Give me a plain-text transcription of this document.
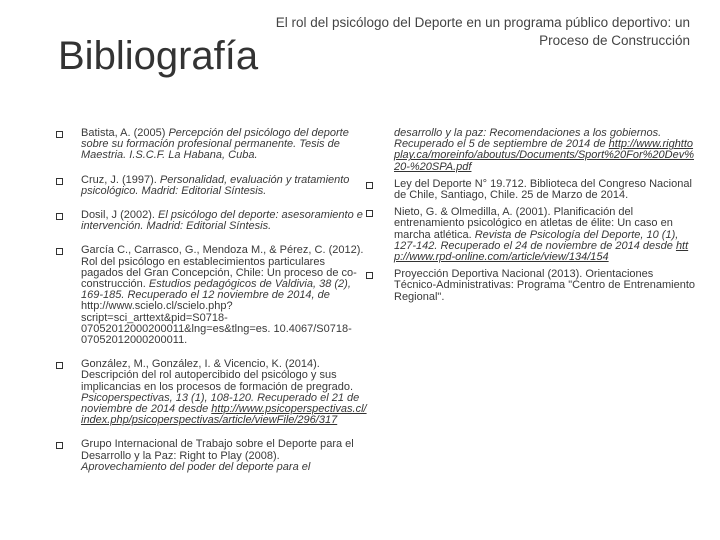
El rol del psicólogo del Deporte en un programa público deportivo: un Proceso de Construcción
Bibliografía
Batista, A. (2005) Percepción del psicólogo del deporte sobre su formación profesional permanente. Tesis de Maestria. I.S.C.F. La Habana, Cuba.
Cruz, J. (1997). Personalidad, evaluación y tratamiento psicológico. Madrid: Editorial Síntesis.
Dosil, J (2002). El psicólogo del deporte: asesoramiento e intervención. Madrid: Editorial Síntesis.
García C., Carrasco, G., Mendoza M., & Pérez, C. (2012). Rol del psicólogo en establecimientos particulares pagados del Gran Concepción, Chile: Un proceso de co-construcción. Estudios pedagógicos de Valdivia, 38 (2), 169-185. Recuperado el 12 noviembre de 2014, de http://www.scielo.cl/scielo.php?script=sci_arttext&pid=S0718-07052012000200011&lng=es&tlng=es. 10.4067/S0718-07052012000200011.
González, M., González, I. & Vicencio, K. (2014). Descripción del rol autopercibido del psicólogo y sus implicancias en los procesos de formación de pregrado. Psicoperspectivas, 13 (1), 108-120. Recuperado el 21 de noviembre de 2014 desde http://www.psicoperspectivas.cl/index.php/psicoperspectivas/article/viewFile/296/317
Grupo Internacional de Trabajo sobre el Deporte para el Desarrollo y la Paz: Right to Play (2008). Aprovechamiento del poder del deporte para el
desarrollo y la paz: Recomendaciones a los gobiernos. Recuperado el 5 de septiembre de 2014 de http://www.righttoplay.ca/moreinfo/aboutus/Documents/Sport%20For%20Dev%20-%20SPA.pdf
Ley del Deporte N° 19.712. Biblioteca del Congreso Nacional de Chile, Santiago, Chile. 25 de Marzo de 2014.
Nieto, G. & Olmedilla, A. (2001). Planificación del entrenamiento psicológico en atletas de élite: Un caso en marcha atlética. Revista de Psicología del Deporte, 10 (1), 127-142. Recuperado el 24 de noviembre de 2014 desde http://www.rpd-online.com/article/view/134/154
Proyección Deportiva Nacional (2013). Orientaciones Técnico-Administrativas: Programa "Centro de Entrenamiento Regional".
